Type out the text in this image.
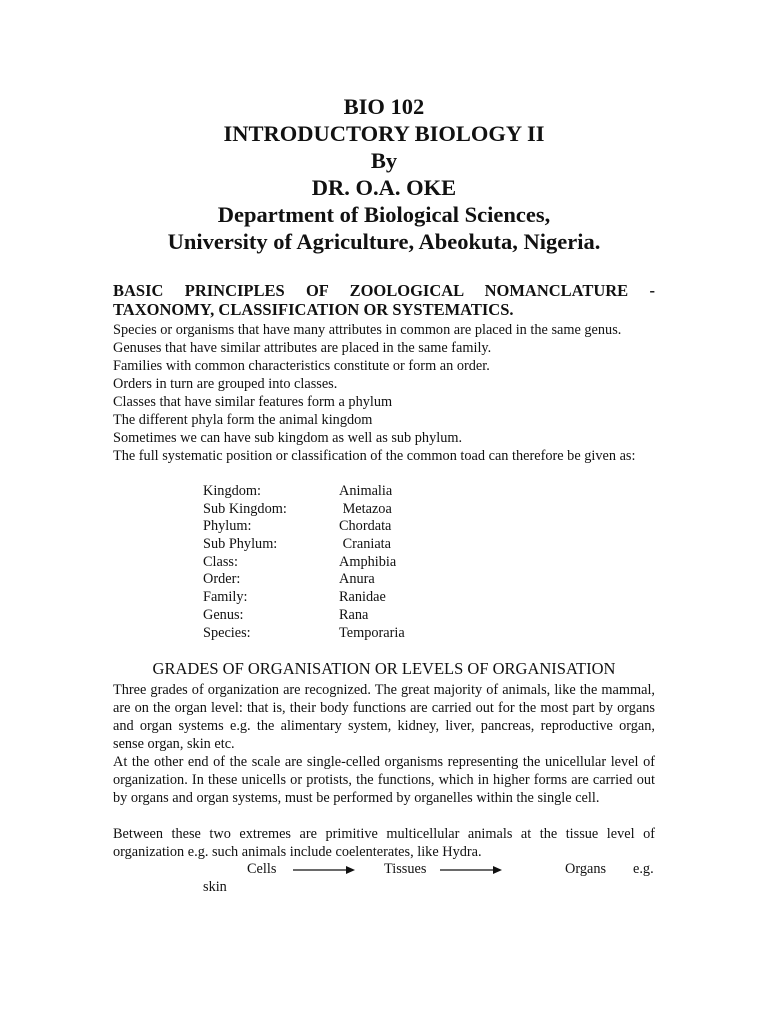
BIO 102
INTRODUCTORY BIOLOGY II
By
DR. O.A. OKE
Department of Biological Sciences,
University of Agriculture, Abeokuta, Nigeria.
BASIC PRINCIPLES OF ZOOLOGICAL NOMANCLATURE - TAXONOMY, CLASSIFICATION OR SYSTEMATICS.
Species or organisms that have many attributes in common are placed in the same genus.
Genuses that have similar attributes are placed in the same family.
Families with common characteristics constitute or form an order.
Orders in turn are grouped into classes.
Classes that have similar features form a phylum
The different phyla form the animal kingdom
Sometimes we can have sub kingdom as well as sub phylum.
The full systematic position or classification of the common toad can therefore be given as:
Kingdom:	Animalia
Sub Kingdom:	Metazoa
Phylum:	Chordata
Sub Phylum:	Craniata
Class:	Amphibia
Order:	Anura
Family:	Ranidae
Genus:	Rana
Species:	Temporaria
GRADES OF ORGANISATION OR LEVELS OF ORGANISATION
Three grades of organization are recognized. The great majority of animals, like the mammal, are on the organ level: that is, their body functions are carried out for the most part by organs and organ systems e.g. the alimentary system, kidney, liver, pancreas, reproductive organ, sense organ, skin etc.
At the other end of the scale are single-celled organisms representing the unicellular level of organization. In these unicells or protists, the functions, which in higher forms are carried out by organs and organ systems, must be performed by organelles within the single cell.
Between these two extremes are primitive multicellular animals at the tissue level of organization e.g. such animals include coelenterates, like Hydra.
Cells	Tissues	Organs e.g.
skin
